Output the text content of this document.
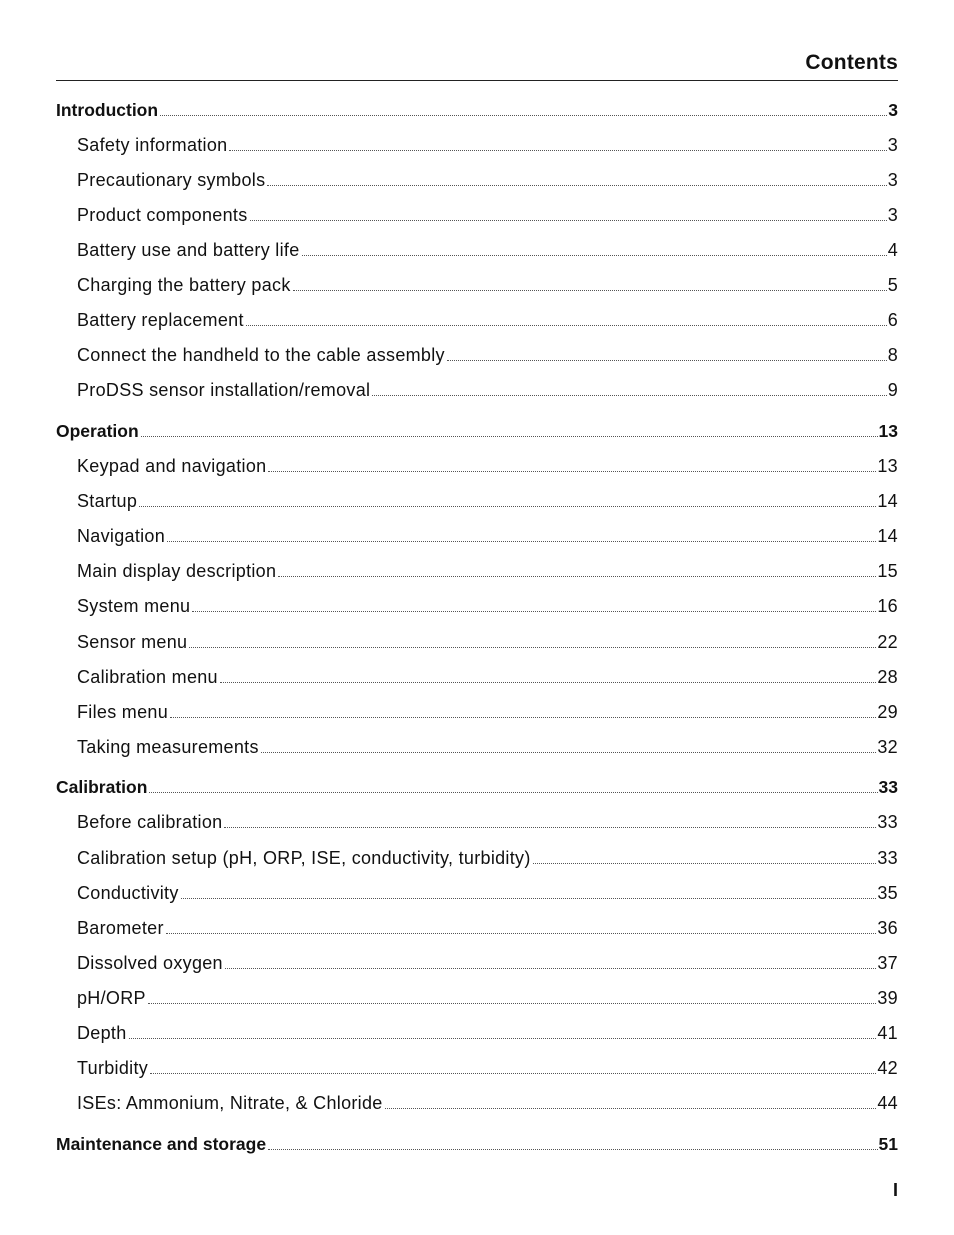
Contents
Introduction	3
Safety information	3
Precautionary symbols	3
Product components	3
Battery use and battery life	4
Charging the battery pack	5
Battery replacement	6
Connect the handheld to the cable assembly	8
ProDSS sensor installation/removal	9
Operation	13
Keypad and navigation	13
Startup	14
Navigation	14
Main display description	15
System menu	16
Sensor menu	22
Calibration menu	28
Files menu	29
Taking measurements	32
Calibration	33
Before calibration	33
Calibration setup (pH, ORP, ISE, conductivity, turbidity)	33
Conductivity	35
Barometer	36
Dissolved oxygen	37
pH/ORP	39
Depth	41
Turbidity	42
ISEs: Ammonium, Nitrate, & Chloride	44
Maintenance and storage	51
I
